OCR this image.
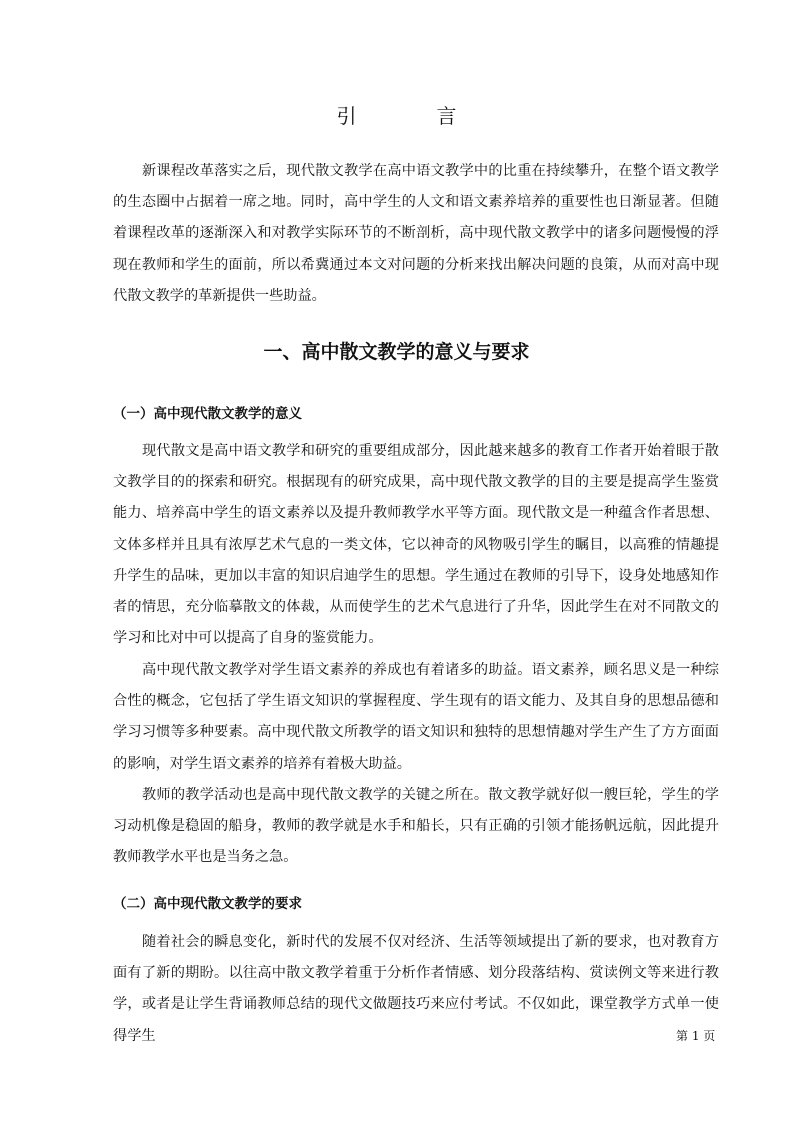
引　言

新课程改革落实之后，现代散文教学在高中语文教学中的比重在持续攀升，在整个语文教学的生态圈中占据着一席之地。同时，高中学生的人文和语文素养培养的重要性也日渐显著。但随着课程改革的逐渐深入和对教学实际环节的不断剖析，高中现代散文教学中的诸多问题慢慢的浮现在教师和学生的面前，所以希冀通过本文对问题的分析来找出解决问题的良策，从而对高中现代散文教学的革新提供一些助益。

一、高中散文教学的意义与要求
（一）高中现代散文教学的意义

现代散文是高中语文教学和研究的重要组成部分，因此越来越多的教育工作者开始着眼于散文教学目的的探索和研究。根据现有的研究成果，高中现代散文教学的目的主要是提高学生鉴赏能力、培养高中学生的语文素养以及提升教师教学水平等方面。现代散文是一种蕴含作者思想、文体多样并且具有浓厚艺术气息的一类文体，它以神奇的风物吸引学生的瞩目，以高雅的情趣提升学生的品味，更加以丰富的知识启迪学生的思想。学生通过在教师的引导下，设身处地感知作者的情思，充分临摹散文的体裁，从而使学生的艺术气息进行了升华，因此学生在对不同散文的学习和比对中可以提高了自身的鉴赏能力。

高中现代散文教学对学生语文素养的养成也有着诸多的助益。语文素养，顾名思义是一种综合性的概念，它包括了学生语文知识的掌握程度、学生现有的语文能力、及其自身的思想品德和学习习惯等多种要素。高中现代散文所教学的语文知识和独特的思想情趣对学生产生了方方面面的影响，对学生语文素养的培养有着极大助益。

教师的教学活动也是高中现代散文教学的关键之所在。散文教学就好似一艘巨轮，学生的学习动机像是稳固的船身，教师的教学就是水手和船长，只有正确的引领才能扬帆远航，因此提升教师教学水平也是当务之急。

（二）高中现代散文教学的要求

随着社会的瞬息变化，新时代的发展不仅对经济、生活等领域提出了新的要求，也对教育方面有了新的期盼。以往高中散文教学着重于分析作者情感、划分段落结构、赏读例文等来进行教学，或者是让学生背诵教师总结的现代文做题技巧来应付考试。不仅如此，课堂教学方式单一使得学生	第 1 页
